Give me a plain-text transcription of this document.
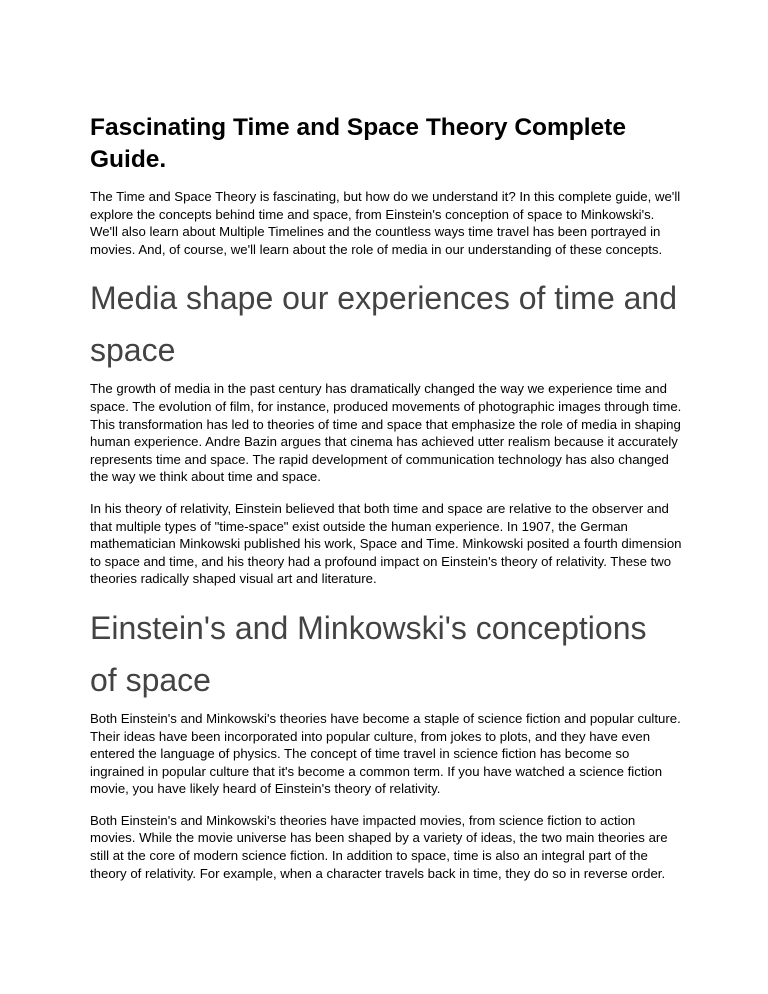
Fascinating Time and Space Theory Complete Guide.

The Time and Space Theory is fascinating, but how do we understand it? In this complete guide, we'll explore the concepts behind time and space, from Einstein's conception of space to Minkowski's. We'll also learn about Multiple Timelines and the countless ways time travel has been portrayed in movies. And, of course, we'll learn about the role of media in our understanding of these concepts.

Media shape our experiences of time and space

The growth of media in the past century has dramatically changed the way we experience time and space. The evolution of film, for instance, produced movements of photographic images through time. This transformation has led to theories of time and space that emphasize the role of media in shaping human experience. Andre Bazin argues that cinema has achieved utter realism because it accurately represents time and space. The rapid development of communication technology has also changed the way we think about time and space.

In his theory of relativity, Einstein believed that both time and space are relative to the observer and that multiple types of "time-space" exist outside the human experience. In 1907, the German mathematician Minkowski published his work, Space and Time. Minkowski posited a fourth dimension to space and time, and his theory had a profound impact on Einstein's theory of relativity. These two theories radically shaped visual art and literature.

Einstein's and Minkowski's conceptions of space

Both Einstein's and Minkowski's theories have become a staple of science fiction and popular culture. Their ideas have been incorporated into popular culture, from jokes to plots, and they have even entered the language of physics. The concept of time travel in science fiction has become so ingrained in popular culture that it's become a common term. If you have watched a science fiction movie, you have likely heard of Einstein's theory of relativity.

Both Einstein's and Minkowski's theories have impacted movies, from science fiction to action movies. While the movie universe has been shaped by a variety of ideas, the two main theories are still at the core of modern science fiction. In addition to space, time is also an integral part of the theory of relativity. For example, when a character travels back in time, they do so in reverse order.
